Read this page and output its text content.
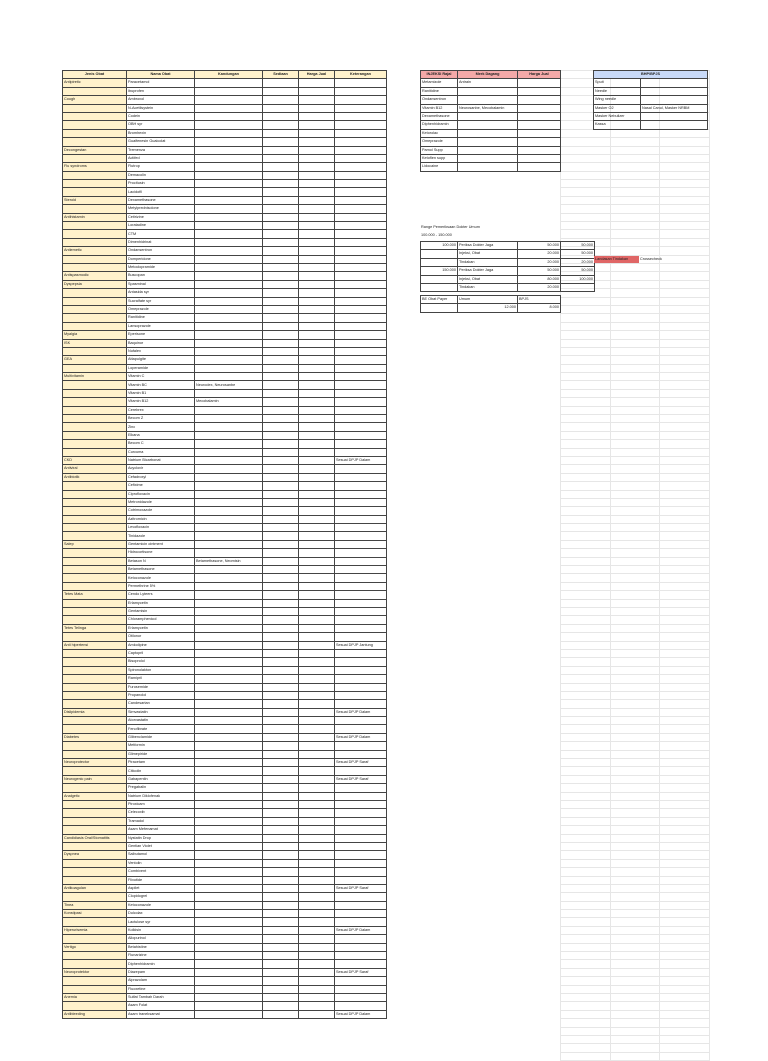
Jenis Obat	Nama Obat	Kandungan	Sediaan	Harga Jual	Keterangan
Antipiretic	Paracetamol				
	Ibuprofen				
Cough	Ambroxol				
	N-Acetilsystein				
	Codein				
	OBH syr				
	Bromhexin				
	Guaifenesin Guaicolat				
Decongestan	Tremenza				
	Actifed				
Flu syndroms	Flutrop				
	Demacolin				
	Procitusin				
	Lacidofil				
Steroid	Dexamethasone				
	Metylprednisolone				
Antihistamin	Cetirizine				
	Loratadine				
	CTM				
	Dimenhidrinat				
Antiemetic	Ondansentron				
	Domperidone				
	Metoclopramide				
Antispasmodic	Buscopan				
Dyspepsia	Spasminal				
	Antasida syr				
	Sucralfate syr				
	Omeprazole				
	Ranitidine				
	Lansoprazole				
Myalgia	Eperisone				
ISK	Baquinor				
	Nufalex				
GEA	Attapulgite				
	Loperamide				
Multivitamin	Vitamin C				
	Vitamin BC	Neurodex, Neurosanbe			
	Vitamin B1				
	Vitamin B12	Mecobalamin			
	Cerebrex				
	Becom Z				
	Zinc				
	Elkana				
	Becom C				
	Curcuma				
CKD	Natrium Bicarbonat				Sesuai DPJP Dalam
Antiviral	Acyclovir				
Antibiotik	Cefadroxyl				
	Cefixime				
	Ciprofloxacin				
	Metronidazole				
	Cotrimoxazole				
	Azitromicin				
	Levofloxacin				
	Tinidazole				
Salep	Gentamicin ointment				
	Hidrocortisone				
	Betason N	Betamethasone, Neomisin			
	Betamethasone				
	Ketoconazole				
	Permethrine 5%				
Tetes Mata	Cendo Lyteers				
	Erlamycetin				
	Gentamisin				
	Chloramphenicol				
Tetes Telinga	Erlamycetin				
	Otilonor				
Anti hipertensi	Amlodipine				Sesuai DPJP Jantung
	Captopril				
	Bisoprolol				
	Spironolakton				
	Ramipril				
	Furosemide				
	Propanolol				
	Candesartan				
Dislipidemia	Simvastatin				Sesuai DPJP Dalam
	Atorvastatin				
	Fenofibrate				
Diabetes	Glibenclamide				Sesuai DPJP Dalam
	Metformin				
	Glimepiride				
Neuroprotector	Piracetam				Sesuai DPJP Saraf
	Citicolin				
Neurogenic pain	Gabapentin				Sesuai DPJP Saraf
	Pregabalin				
Analgetic	Natrium Diklofenak				
	Piroxicam				
	Celecoxib				
	Tramadol				
	Asam Mefenamat				
Candidiasis Oral/Stomatitis	Nystatin Drop				
	Gentian Violet				
Dyspnea	Salbutamol				
	Ventolin				
	Combivent				
	Flixotide				
Antikoagulan	Aspilet				Sesuai DPJP Saraf
	Clopidogrel				
Tinea	Ketoconazole				
Konstipasi	Dulcolax				
	Lactulose syr				
Hiperurisemia	Kolkisin				Sesuai DPJP Dalam
	Allopurinol				
Vertigo	Betahistine				
	Flunarizine				
	Diphenhidramin				
Neuroprotektor	Diazepam				Sesuai DPJP Saraf
	Alprazolam				
	Fluoxetine				
Anemia	Sulfat Tambah Darah				
	Asam Folat				
Antibleeding	Asam traneksamat				Sesuai DPJP Dalam
INJEKSI Rajal	Merk Dagang	Harga Jual
Metamizole	Antrain	
Ranitidine		
Ondansentron		
Vitamin B12	Neurosanbe, Mecobalamin	
Dexamethasone		
Diphenhidramin		
Ketorolac		
Omeprazole		
Pamol Supp		
Ketoflen supp		
Lidocaine		
BHP/BPJS	
Spuit	
Needle	
Wing needle	
Masker O2	Nasal Canul, Masker NRBM
Masker Nebulizer	
Kassa	
Range Pemeriksaan Dokter Umum
100.000 - 150.000
100.000	Periksa Dokter Jaga	50.000	50.000
	Injeksi, Obat	20.000	50.000
	Tindakan	20.000	20.000
150.000	Periksa Dokter Jaga	50.000	50.000
	Injeksi, Obat	80.000	100.000
	Tindakan	20.000	
Landasan Tindakan	Crossecheck
BE Obat Payer	Umum	BPJS
	12.000	8.000
